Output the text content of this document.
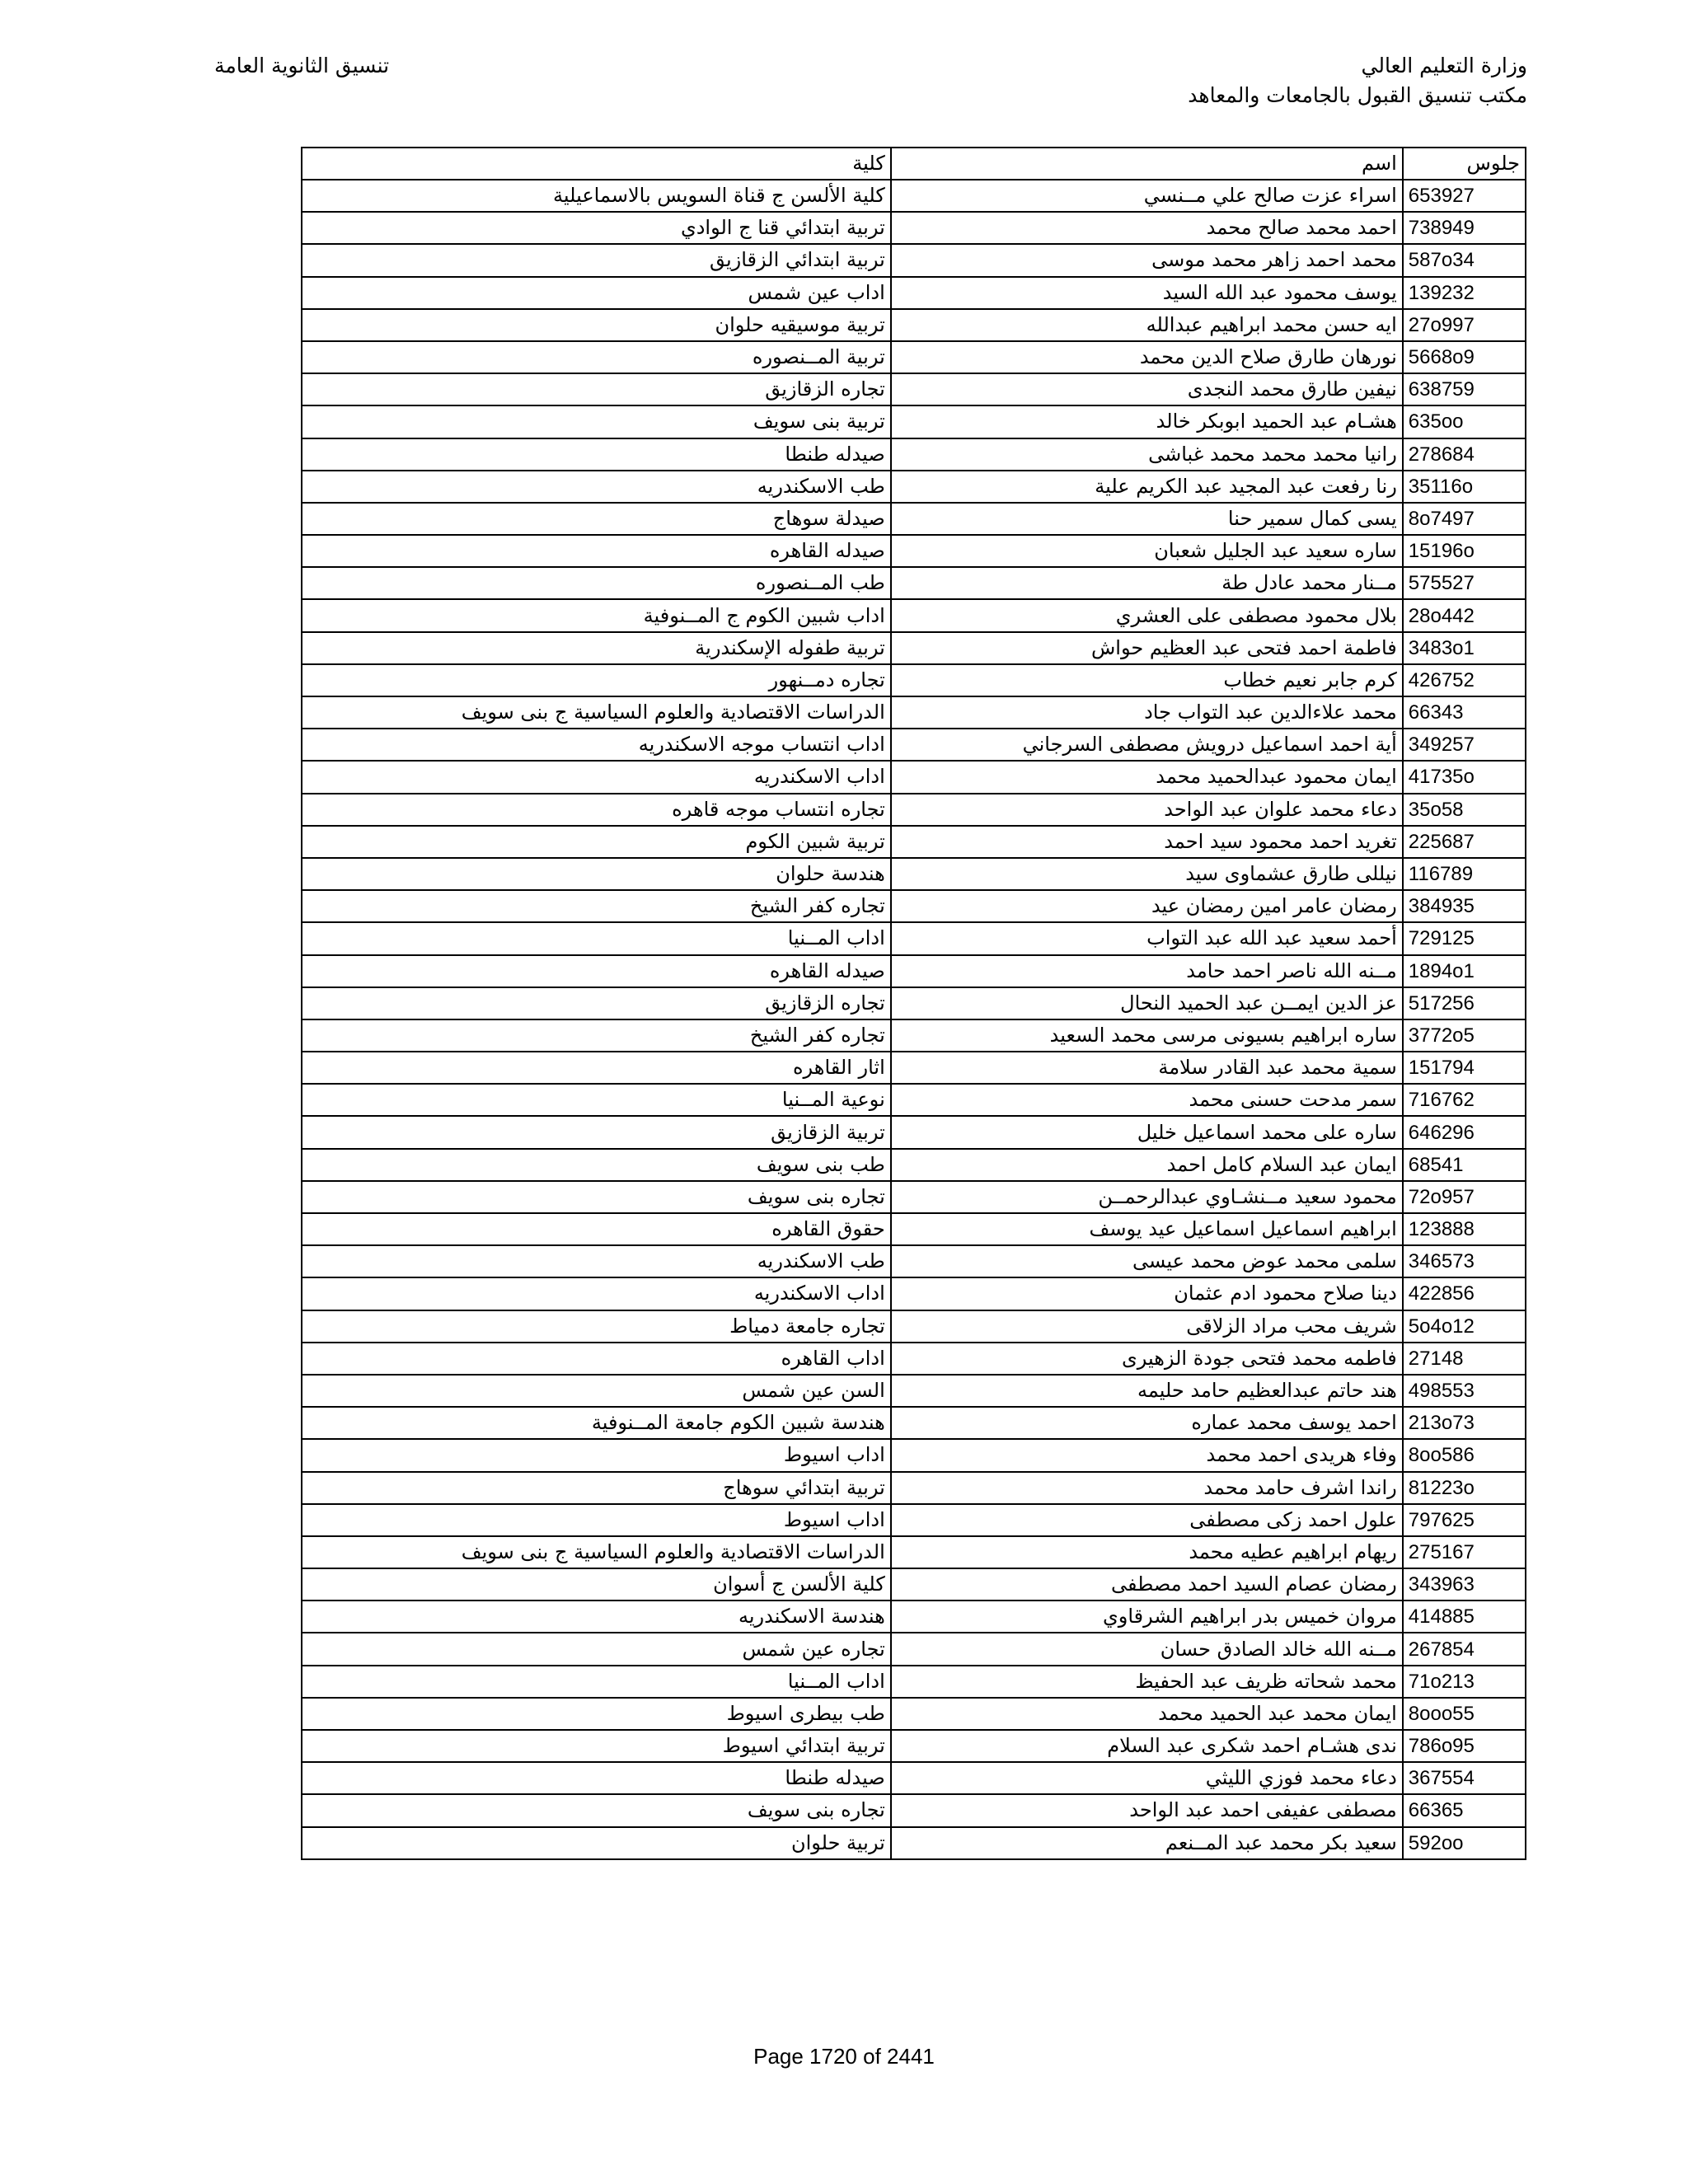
وزارة التعليم العالي
مكتب تنسيق القبول بالجامعات والمعاهد
تنسيق الثانوية العامة
كلية	اسم	جلوس
كلية الألسن ج قناة السويس بالاسماعيلية	اسراء عزت صالح علي مــنسي	653927
تربية ابتدائي قنا ج الوادي	احمد محمد صالح محمد	738949
تربية ابتدائي الزقازيق	محمد احمد زاهر محمد موسى	587o34
اداب عين شمس	يوسف محمود عبد الله السيد	139232
تربية موسيقيه حلوان	ايه حسن محمد ابراهيم عبدالله	27o997
تربية المــنصوره	نورهان طارق صلاح الدين محمد	5668o9
تجاره الزقازيق	نيفين طارق محمد النجدى	638759
تربية بنى سويف	هشـام عبد الحميد ابوبكر خالد	635oo
صيدله طنطا	رانيا محمد محمد محمد غباشى	278684
طب الاسكندريه	رنا رفعت عبد المجيد عبد الكريم علية	35116o
صيدلة سوهاج	يسى كمال سمير حنا	8o7497
صيدله القاهره	ساره سعيد عبد الجليل شعبان	15196o
طب المــنصوره	مــنار محمد عادل طة	575527
اداب شبين الكوم ج المــنوفية	بلال محمود مصطفى على العشري	28o442
تربية طفوله الإسكندرية	فاطمة احمد فتحى عبد العظيم حواش	3483o1
تجاره دمــنهور	كرم جابر نعيم خطاب	426752
الدراسات الاقتصادية والعلوم السياسية ج بنى سويف	محمد علاءالدين عبد التواب جاد	66343
اداب انتساب موجه الاسكندريه	أية احمد اسماعيل درويش مصطفى السرجاني	349257
اداب الاسكندريه	ايمان محمود عبدالحميد محمد	41735o
تجاره انتساب موجه قاهره	دعاء محمد علوان عبد الواحد	35o58
تربية شبين الكوم	تغريد احمد محمود سيد احمد	225687
هندسة حلوان	نيللى طارق عشماوى سيد	116789
تجاره كفر الشيخ	رمضان عامر امين رمضان عيد	384935
اداب المــنيا	أحمد سعيد عبد الله عبد التواب	729125
صيدله القاهره	مــنه الله ناصر احمد حامد	1894o1
تجاره الزقازيق	عز الدين ايمــن عبد الحميد النحال	517256
تجاره كفر الشيخ	ساره ابراهيم بسيونى مرسى محمد السعيد	3772o5
اثار القاهره	سمية محمد عبد القادر سلامة	151794
نوعية المــنيا	سمر مدحت حسنى محمد	716762
تربية الزقازيق	ساره على محمد اسماعيل خليل	646296
طب بنى سويف	ايمان عبد السلام كامل احمد	68541
تجاره بنى سويف	محمود سعيد مــنشـاوي عبدالرحمــن	72o957
حقوق القاهره	ابراهيم اسماعيل اسماعيل عيد يوسف	123888
طب الاسكندريه	سلمى محمد عوض محمد عيسى	346573
اداب الاسكندريه	دينا صلاح محمود ادم عثمان	422856
تجاره جامعة دمياط	شريف محب مراد الزلاقى	5o4o12
اداب القاهره	فاطمه محمد فتحى جودة الزهيرى	27148
السن عين شمس	هند حاتم عبدالعظيم حامد حليمه	498553
هندسة شبين الكوم جامعة المــنوفية	احمد يوسف محمد عماره	213o73
اداب اسيوط	وفاء هريدى احمد محمد	8oo586
تربية ابتدائي سوهاج	راندا اشرف حامد محمد	81223o
اداب اسيوط	علول احمد زكى مصطفى	797625
الدراسات الاقتصادية والعلوم السياسية ج بنى سويف	ريهام ابراهيم عطيه محمد	275167
كلية الألسن ج أسوان	رمضان عصام السيد احمد مصطفى	343963
هندسة الاسكندريه	مروان خميس بدر ابراهيم الشرقاوي	414885
تجاره عين شمس	مــنه الله خالد الصادق حسان	267854
اداب المــنيا	محمد شحاته ظريف عبد الحفيظ	71o213
طب بيطرى اسيوط	ايمان محمد عبد الحميد محمد	8ooo55
تربية ابتدائي اسيوط	ندى هشـام احمد شكرى عبد السلام	786o95
صيدله طنطا	دعاء محمد فوزي الليثي	367554
تجاره بنى سويف	مصطفى عفيفى احمد عبد الواحد	66365
تربية حلوان	سعيد بكر محمد عبد المــنعم	592oo
Page 1720 of 2441
